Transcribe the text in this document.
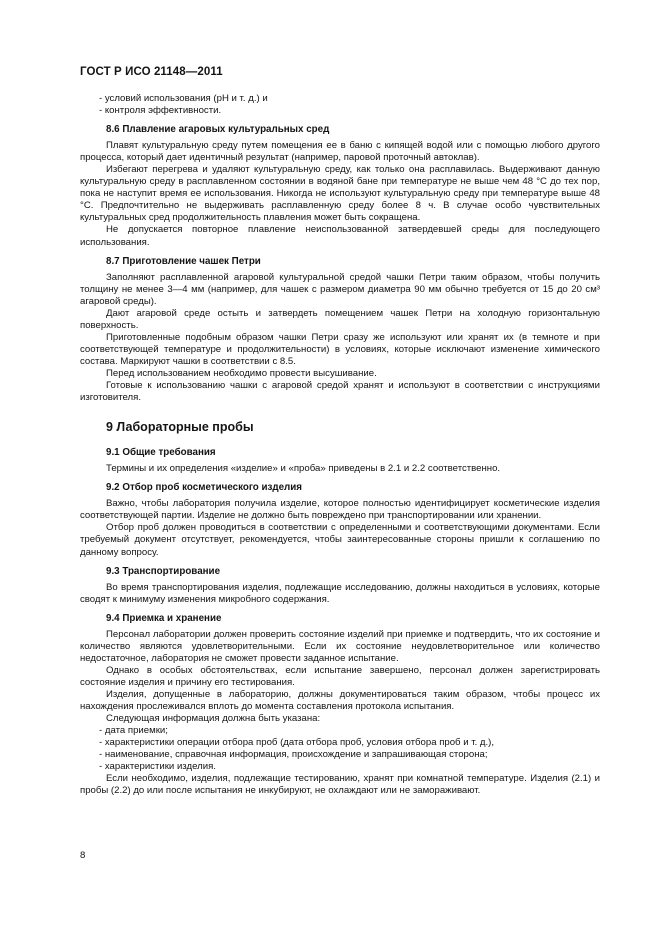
ГОСТ Р ИСО 21148—2011

- условий использования (pH и т. д.) и

- контроля эффективности.

8.6 Плавление агаровых культуральных сред

Плавят культуральную среду путем помещения ее в баню с кипящей водой или с помощью любого другого процесса, который дает идентичный результат (например, паровой проточный автоклав).

Избегают перегрева и удаляют культуральную среду, как только она расплавилась. Выдерживают данную культуральную среду в расплавленном состоянии в водяной бане при температуре не выше чем 48 °С до тех пор, пока не наступит время ее использования. Никогда не используют культуральную среду при температуре выше 48 °С. Предпочтительно не выдерживать расплавленную среду более 8 ч. В случае особо чувствительных культуральных сред продолжительность плавления может быть сокращена.

Не допускается повторное плавление неиспользованной затвердевшей среды для последующего использования.

8.7 Приготовление чашек Петри

Заполняют расплавленной агаровой культуральной средой чашки Петри таким образом, чтобы получить толщину не менее 3—4 мм (например, для чашек с размером диаметра 90 мм обычно требуется от 15 до 20 см³ агаровой среды).

Дают агаровой среде остыть и затвердеть помещением чашек Петри на холодную горизонтальную поверхность.

Приготовленные подобным образом чашки Петри сразу же используют или хранят их (в темноте и при соответствующей температуре и продолжительности) в условиях, которые исключают изменение химического состава. Маркируют чашки в соответствии с 8.5.

Перед использованием необходимо провести высушивание.

Готовые к использованию чашки с агаровой средой хранят и используют в соответствии с инструкциями изготовителя.

9 Лабораторные пробы
9.1 Общие требования

Термины и их определения «изделие» и «проба» приведены в 2.1 и 2.2 соответственно.

9.2 Отбор проб косметического изделия

Важно, чтобы лаборатория получила изделие, которое полностью идентифицирует косметические изделия соответствующей партии. Изделие не должно быть повреждено при транспортировании или хранении.

Отбор проб должен проводиться в соответствии с определенными и соответствующими документами. Если требуемый документ отсутствует, рекомендуется, чтобы заинтересованные стороны пришли к соглашению по данному вопросу.

9.3 Транспортирование

Во время транспортирования изделия, подлежащие исследованию, должны находиться в условиях, которые сводят к минимуму изменения микробного содержания.

9.4 Приемка и хранение

Персонал лаборатории должен проверить состояние изделий при приемке и подтвердить, что их состояние и количество являются удовлетворительными. Если их состояние неудовлетворительное или количество недостаточное, лаборатория не сможет провести заданное испытание.

Однако в особых обстоятельствах, если испытание завершено, персонал должен зарегистрировать состояние изделия и причину его тестирования.

Изделия, допущенные в лабораторию, должны документироваться таким образом, чтобы процесс их нахождения прослеживался вплоть до момента составления протокола испытания.

Следующая информация должна быть указана:

- дата приемки;

- характеристики операции отбора проб (дата отбора проб, условия отбора проб и т. д.),

- наименование, справочная информация, происхождение и запрашивающая сторона;

- характеристики изделия.

Если необходимо, изделия, подлежащие тестированию, хранят при комнатной температуре. Изделия (2.1) и пробы (2.2) до или после испытания не инкубируют, не охлаждают или не замораживают.

8
